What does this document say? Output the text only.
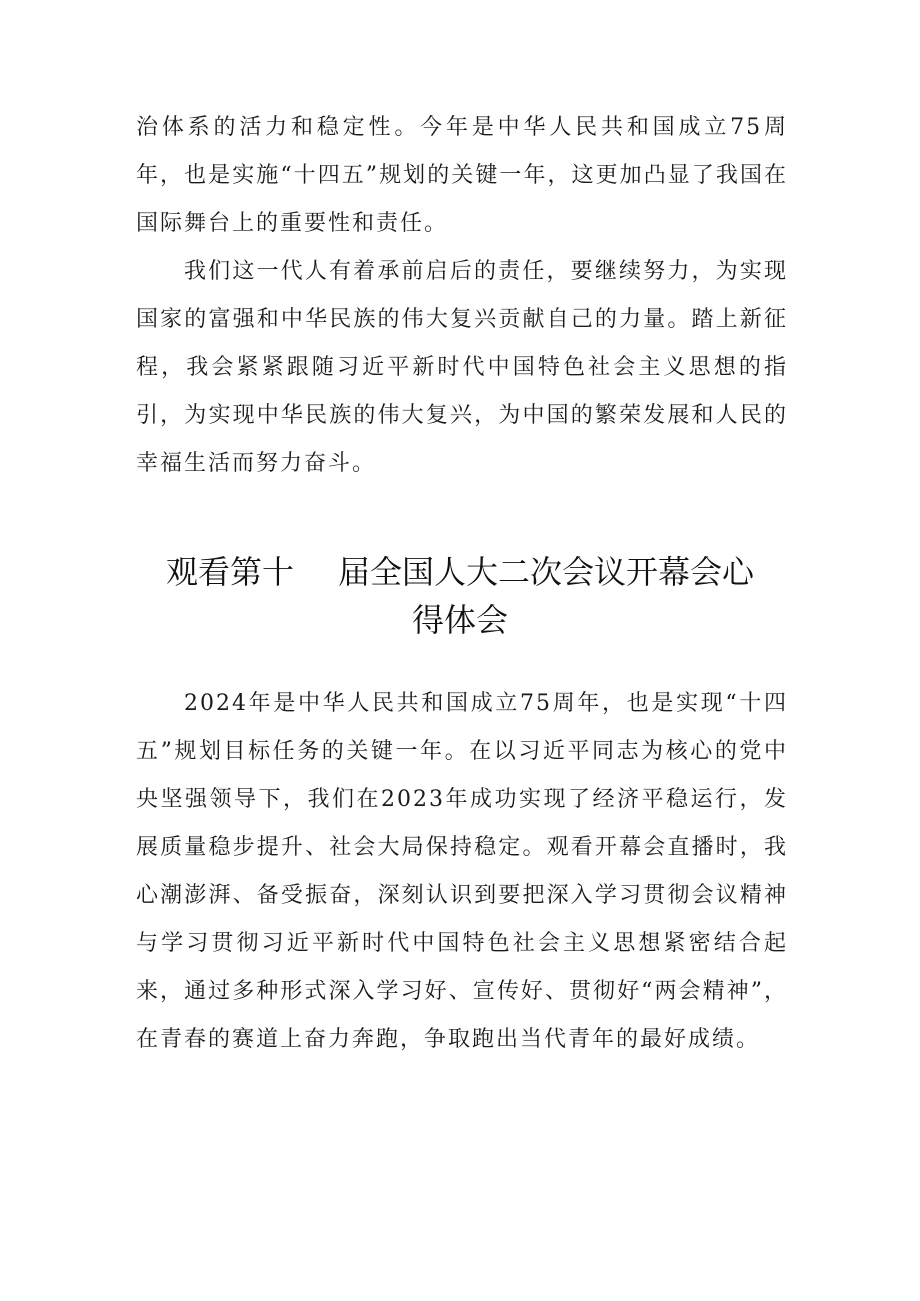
治体系的活力和稳定性。今年是中华人民共和国成立75周年，也是实施“十四五”规划的关键一年，这更加凸显了我国在国际舞台上的重要性和责任。

我们这一代人有着承前启后的责任，要继续努力，为实现国家的富强和中华民族的伟大复兴贡献自己的力量。踏上新征程，我会紧紧跟随习近平新时代中国特色社会主义思想的指引，为实现中华民族的伟大复兴，为中国的繁荣发展和人民的幸福生活而努力奋斗。

观看第十 届全国人大二次会议开幕会心
得体会

2024年是中华人民共和国成立75周年，也是实现“十四五”规划目标任务的关键一年。在以习近平同志为核心的党中央坚强领导下，我们在2023年成功实现了经济平稳运行，发展质量稳步提升、社会大局保持稳定。观看开幕会直播时，我心潮澎湃、备受振奋，深刻认识到要把深入学习贯彻会议精神与学习贯彻习近平新时代中国特色社会主义思想紧密结合起来，通过多种形式深入学习好、宣传好、贯彻好“两会精神”，在青春的赛道上奋力奔跑，争取跑出当代青年的最好成绩。
